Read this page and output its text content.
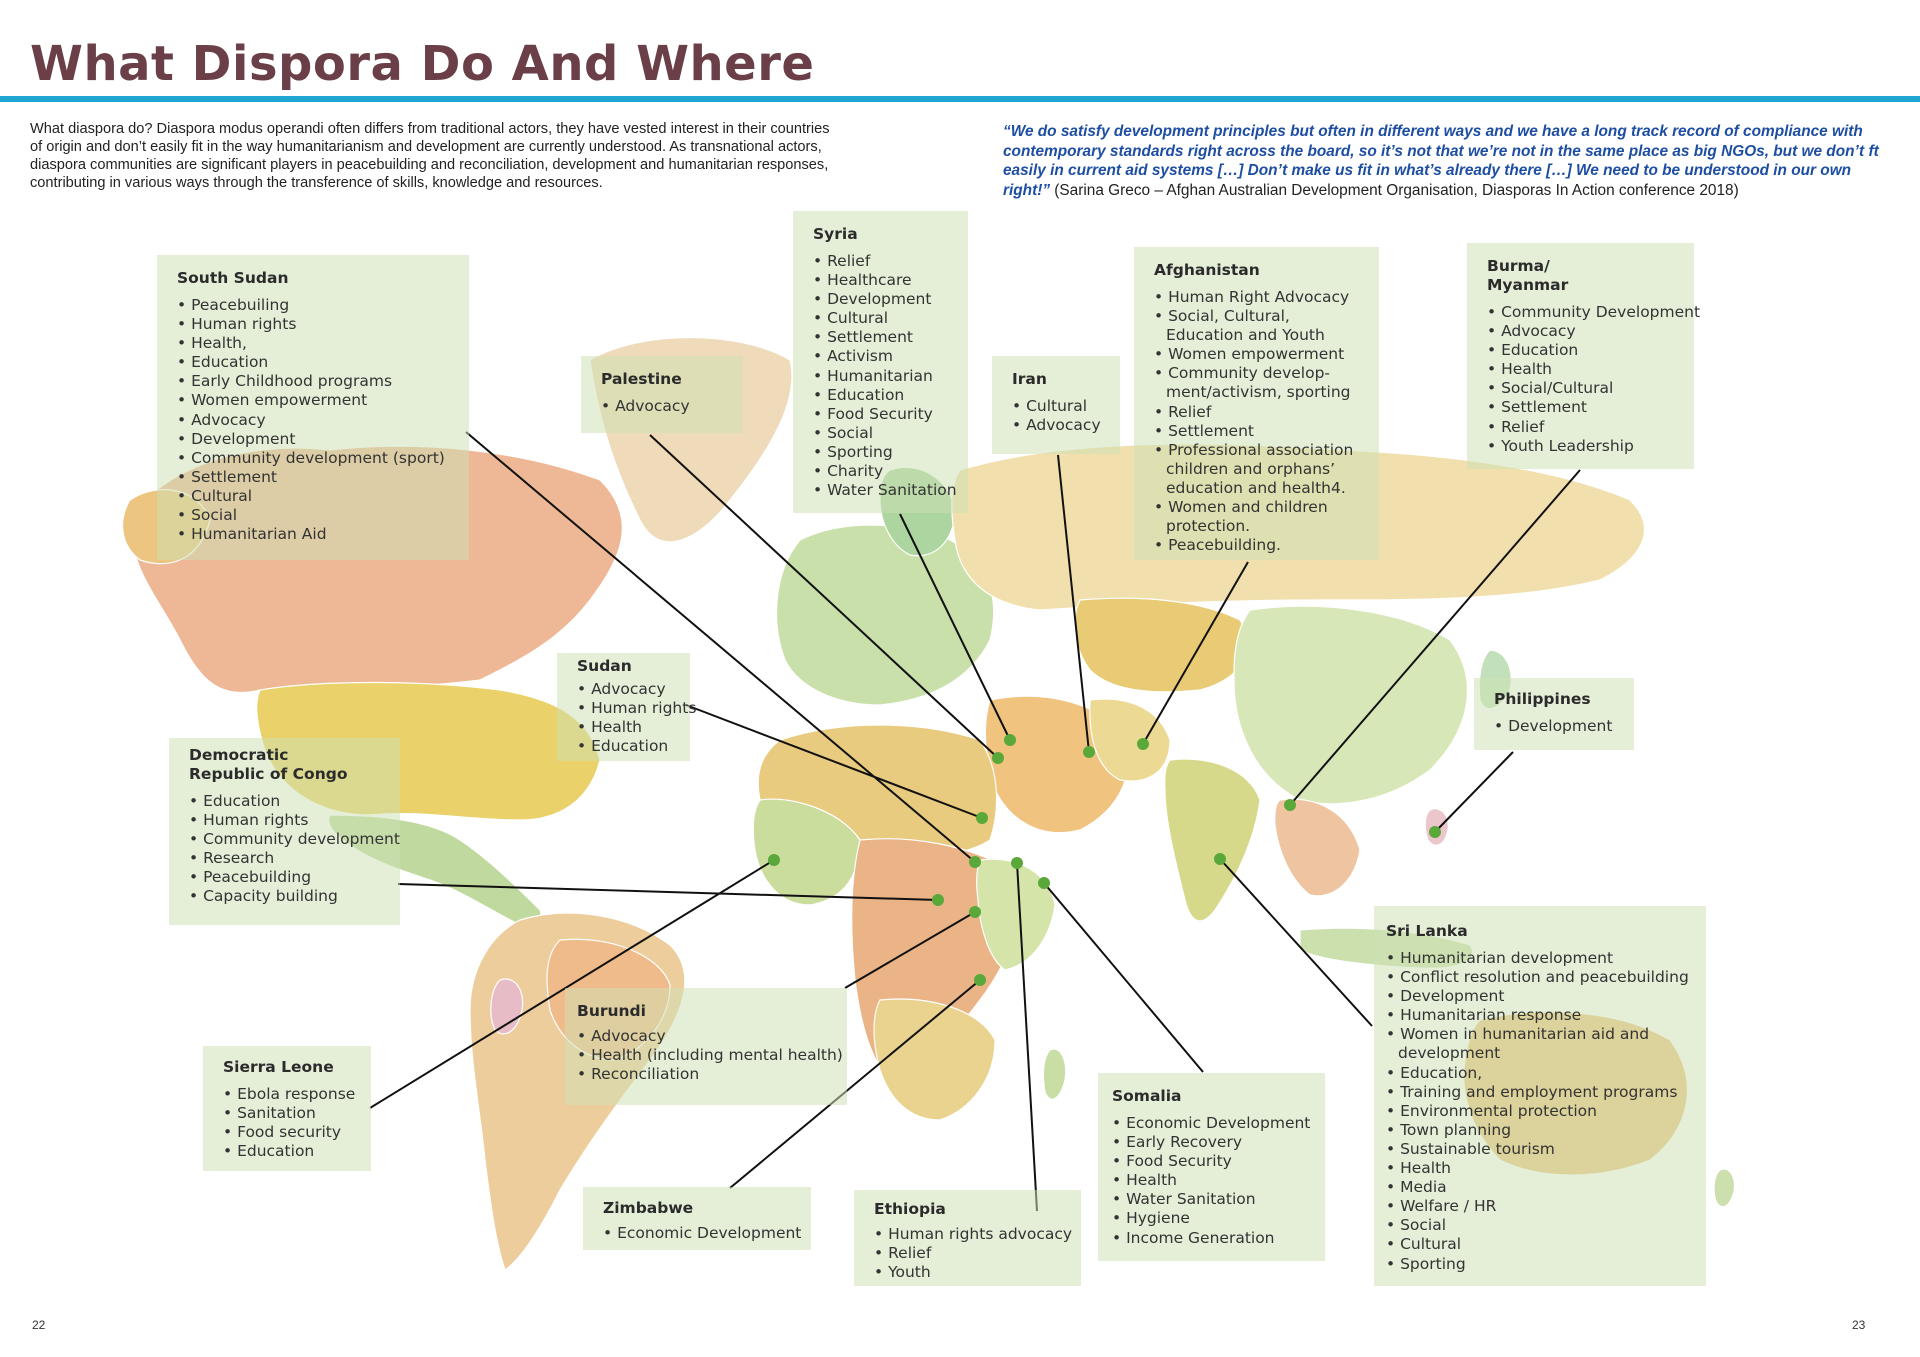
What Dispora Do And Where

What diaspora do? Diaspora modus operandi often differs from traditional actors, they have vested interest in their countries of origin and don’t easily fit in the way humanitarianism and development are currently understood. As transnational actors, diaspora communities are significant players in peacebuilding and reconciliation, development and humanitarian responses, contributing in various ways through the transference of skills, knowledge and resources.

“We do satisfy development principles but often in different ways and we have a long track record of compliance with contemporary standards right across the board, so it’s not that we’re not in the same place as big NGOs, but we don’t ft easily in current aid systems […] Don’t make us fit in what’s already there […] We need to be understood in our own right!” (Sarina Greco – Afghan Australian Development Organisation, Diasporas In Action conference 2018)

South Sudan
• Peacebuiling
• Human rights
• Health,
• Education
• Early Childhood programs
• Women empowerment
• Advocacy
• Development
• Community development (sport)
• Settlement
• Cultural
• Social
• Humanitarian Aid
Palestine
• Advocacy
Syria
• Relief
• Healthcare
• Development
• Cultural
• Settlement
• Activism
• Humanitarian
• Education
• Food Security
• Social
• Sporting
• Charity
• Water Sanitation
Iran
• Cultural
• Advocacy
Afghanistan
• Human Right Advocacy
• Social, Cultural, Education and Youth
• Women empowerment
• Community develop-ment/activism, sporting
• Relief
• Settlement
• Professional association children and orphans’ education and health4.
• Women and children protection.
• Peacebuilding.
Burma/
Myanmar
• Community Development
• Advocacy
• Education
• Health
• Social/Cultural
• Settlement
• Relief
• Youth Leadership
Sudan
• Advocacy
• Human rights
• Health
• Education
Democratic
Republic of Congo
• Education
• Human rights
• Community development
• Research
• Peacebuilding
• Capacity building
Philippines
• Development
Burundi
• Advocacy
• Health (including mental health)
• Reconciliation
Sierra Leone
• Ebola response
• Sanitation
• Food security
• Education
Zimbabwe
• Economic Development
Ethiopia
• Human rights advocacy
• Relief
• Youth
Somalia
• Economic Development
• Early Recovery
• Food Security
• Health
• Water Sanitation
• Hygiene
• Income Generation
Sri Lanka
• Humanitarian development
• Conflict resolution and peacebuilding
• Development
• Humanitarian response
• Women in humanitarian aid and development
• Education,
• Training and employment programs
• Environmental protection
• Town planning
• Sustainable tourism
• Health
• Media
• Welfare / HR
• Social
• Cultural
• Sporting
22	23
